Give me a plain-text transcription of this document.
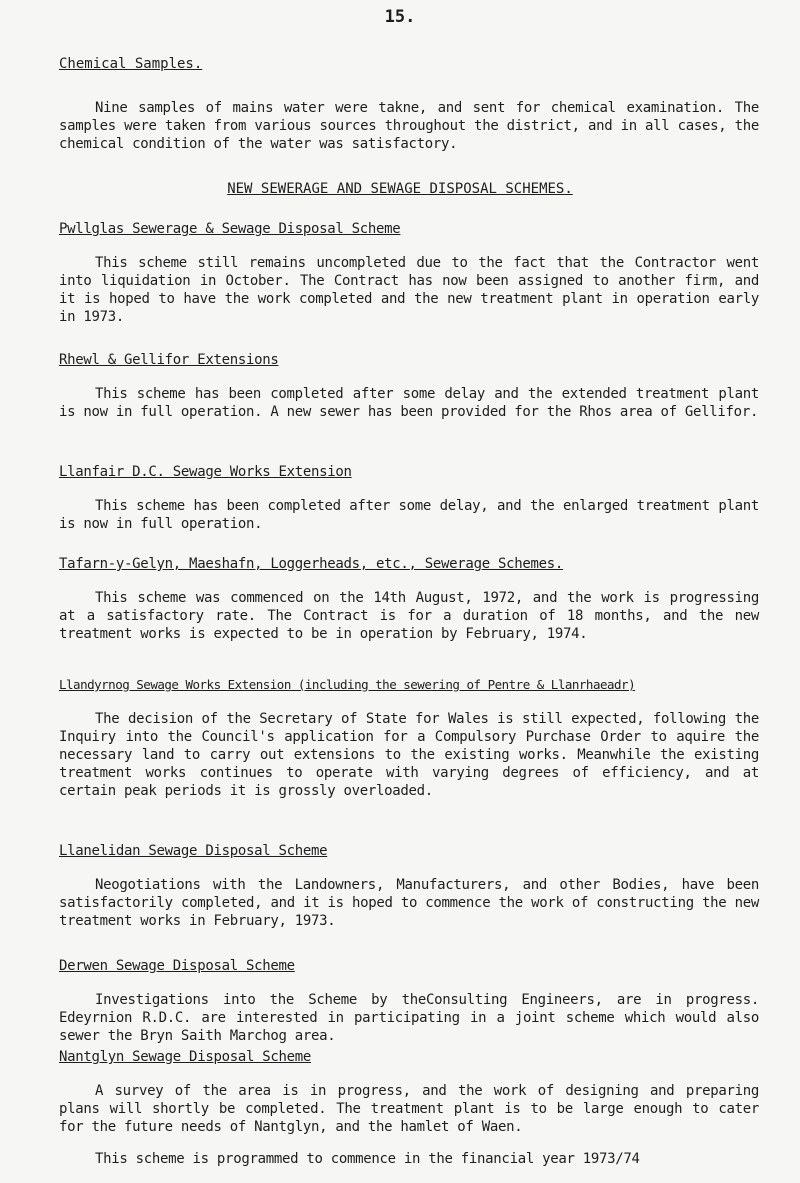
15.
Chemical Samples.

Nine samples of mains water were takne, and sent for chemical examination. The samples were taken from various sources throughout the district, and in all cases, the chemical condition of the water was satisfactory.

NEW SEWERAGE AND SEWAGE DISPOSAL SCHEMES.

Pwllglas Sewerage & Sewage Disposal Scheme

This scheme still remains uncompleted due to the fact that the Contractor went into liquidation in October. The Contract has now been assigned to another firm, and it is hoped to have the work completed and the new treatment plant in operation early in 1973.

Rhewl & Gellifor Extensions

This scheme has been completed after some delay and the extended treatment plant is now in full operation. A new sewer has been provided for the Rhos area of Gellifor.

Llanfair D.C. Sewage Works Extension

This scheme has been completed after some delay, and the enlarged treatment plant is now in full operation.

Tafarn-y-Gelyn, Maeshafn, Loggerheads, etc., Sewerage Schemes.

This scheme was commenced on the 14th August, 1972, and the work is progressing at a satisfactory rate. The Contract is for a duration of 18 months, and the new treatment works is expected to be in operation by February, 1974.

Llandyrnog Sewage Works Extension (including the sewering of Pentre & Llanrhaeadr)

The decision of the Secretary of State for Wales is still expected, following the Inquiry into the Council's application for a Compulsory Purchase Order to aquire the necessary land to carry out extensions to the existing works. Meanwhile the existing treatment works continues to operate with varying degrees of efficiency, and at certain peak periods it is grossly overloaded.

Llanelidan Sewage Disposal Scheme

Neogotiations with the Landowners, Manufacturers, and other Bodies, have been satisfactorily completed, and it is hoped to commence the work of constructing the new treatment works in February, 1973.

Derwen Sewage Disposal Scheme

Investigations into the Scheme by theConsulting Engineers, are in progress. Edeyrnion R.D.C. are interested in participating in a joint scheme which would also sewer the Bryn Saith Marchog area.

Nantglyn Sewage Disposal Scheme

A survey of the area is in progress, and the work of designing and preparing plans will shortly be completed. The treatment plant is to be large enough to cater for the future needs of Nantglyn, and the hamlet of Waen.

This scheme is programmed to commence in the financial year 1973/74
